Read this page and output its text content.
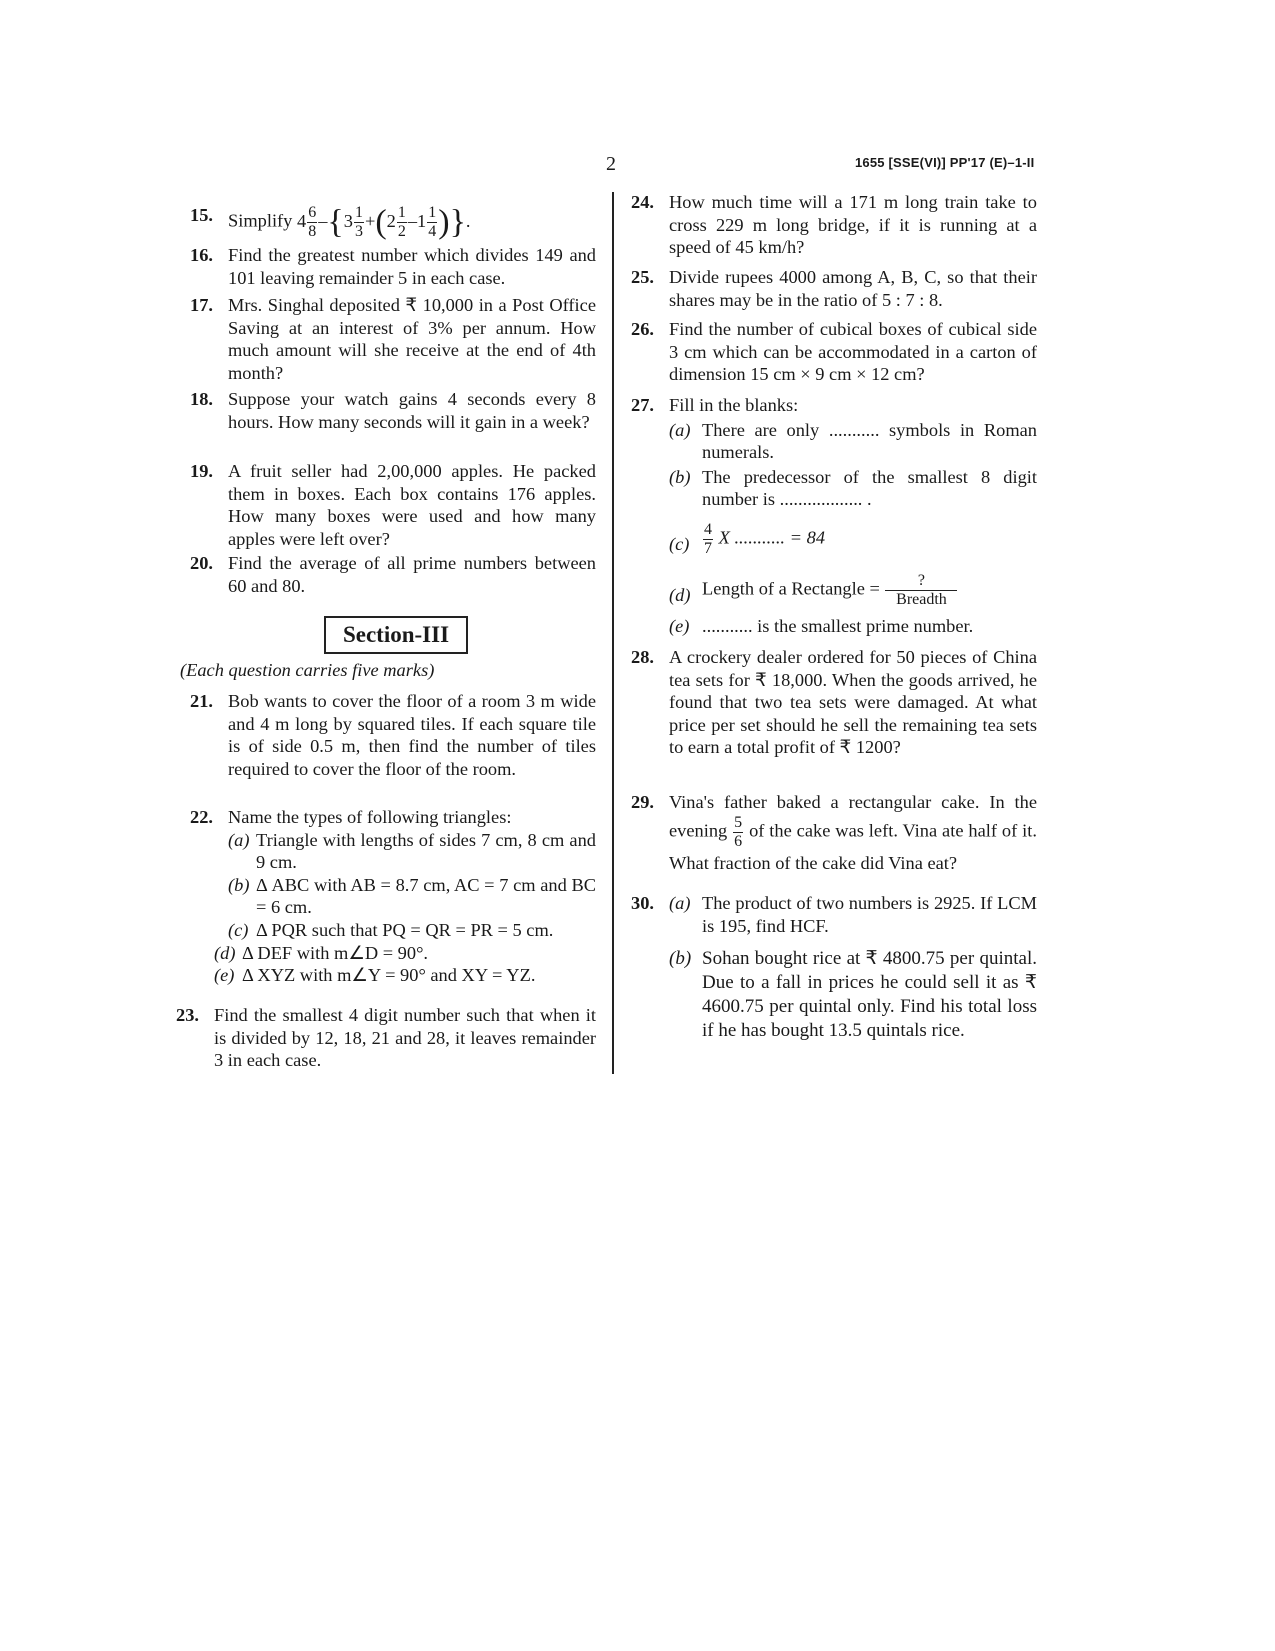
2	1655 [SSE(VI)] PP'17 (E)–1-II
15. Simplify $4 \frac{6}{8} -\{3 \frac{1}{3} +(2 \frac{1}{2} -1 \frac{1}{4}$ )}.
16. Find the greatest number which divides 149 and 101 leaving remainder 5 in each case.
17. Mrs. Singhal deposited ₹ 10,000 in a Post Office Saving at an interest of 3% per annum. How much amount will she receive at the end of 4th month?
18. Suppose your watch gains 4 seconds every 8 hours. How many seconds will it gain in a week?
19. A fruit seller had 2,00,000 apples. He packed them in boxes. Each box contains 176 apples. How many boxes were used and how many apples were left over?
20. Find the average of all prime numbers between 60 and 80.
Section-III
(Each question carries five marks)
21. Bob wants to cover the floor of a room 3 m wide and 4 m long by squared tiles. If each square tile is of side 0.5 m, then find the number of tiles required to cover the floor of the room.
22. Name the types of following triangles:
(a) Triangle with lengths of sides 7 cm, 8 cm and 9 cm.
(b) Δ ABC with AB = 8.7 cm, AC = 7 cm and BC = 6 cm.
(c) Δ PQR such that PQ = QR = PR = 5 cm.
(d) Δ DEF with m∠D = 90°.
(e) Δ XYZ with m∠Y = 90° and XY = YZ.
23. Find the smallest 4 digit number such that when it is divided by 12, 18, 21 and 28, it leaves remainder 3 in each case.
24. How much time will a 171 m long train take to cross 229 m long bridge, if it is running at a speed of 45 km/h?
25. Divide rupees 4000 among A, B, C, so that their shares may be in the ratio of 5 : 7 : 8.
26. Find the number of cubical boxes of cubical side 3 cm which can be accommodated in a carton of dimension 15 cm × 9 cm × 12 cm?
27. Fill in the blanks:
(a) There are only ........... symbols in Roman numerals.
(b) The predecessor of the smallest 8 digit number is .................. .
$(c) \frac{4}{7}$ X ........... = 84
(d) Length of a Rectangle = $\frac{?}{\text{Breadth}}$
(e) ........... is the smallest prime number.
28. A crockery dealer ordered for 50 pieces of China tea sets for ₹ 18,000. When the goods arrived, he found that two tea sets were damaged. At what price per set should he sell the remaining tea sets to earn a total profit of ₹ 1200?
29. Vina's father baked a rectangular cake. In the evening $\frac{5}{6}$ of the cake was left. Vina ate half of it. What fraction of the cake did Vina eat?
30. (a) The product of two numbers is 2925. If LCM is 195, find HCF.
(b) Sohan bought rice at ₹ 4800.75 per quintal. Due to a fall in prices he could sell it as ₹ 4600.75 per quintal only. Find his total loss if he has bought 13.5 quintals rice.
